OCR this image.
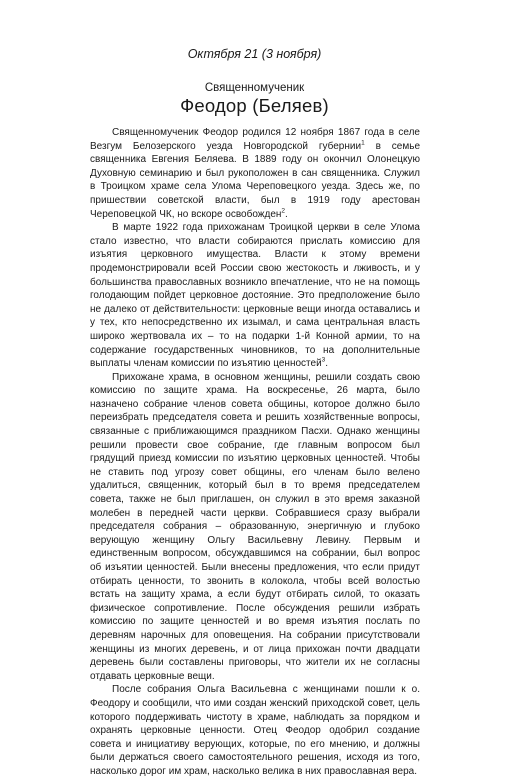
Октября 21 (3 ноября)
Священномученик
Феодор (Беляев)

Священномученик Феодор родился 12 ноября 1867 года в селе Везгум Белозерского уезда Новгородской губернии$^1$ в семье священника Евгения Беляева. В 1889 году он окончил Олонецкую Духовную семинарию и был рукоположен в сан священника. Служил в Троицком храме села Улома Череповецкого уезда. Здесь же, по пришествии советской власти, был в 1919 году арестован Череповецкой ЧК, но вскоре освобожден$^2$.

В марте 1922 года прихожанам Троицкой церкви в селе Улома стало известно, что власти собираются прислать комиссию для изъятия церковного имущества. Власти к этому времени продемонстрировали всей России свою жестокость и лживость, и у большинства православных возникло впечатление, что не на помощь голодающим пойдет церковное достояние. Это предположение было не далеко от действительности: церковные вещи иногда оставались и у тех, кто непосредственно их изымал, и сама центральная власть широко жертвовала их – то на подарки 1-й Конной армии, то на содержание государственных чиновников, то на дополнительные выплаты членам комиссии по изъятию ценностей$^3$.

Прихожане храма, в основном женщины, решили создать свою комиссию по защите храма. На воскресенье, 26 марта, было назначено собрание членов совета общины, которое должно было переизбрать председателя совета и решить хозяйственные вопросы, связанные с приближающимся праздником Пасхи. Однако женщины решили провести свое собрание, где главным вопросом был грядущий приезд комиссии по изъятию церковных ценностей. Чтобы не ставить под угрозу совет общины, его членам было велено удалиться, священник, который был в то время председателем совета, также не был приглашен, он служил в это время заказной молебен в передней части церкви. Собравшиеся сразу выбрали председателя собрания – образованную, энергичную и глубоко верующую женщину Ольгу Васильевну Левину. Первым и единственным вопросом, обсуждавшимся на собрании, был вопрос об изъятии ценностей. Были внесены предложения, что если придут отбирать ценности, то звонить в колокола, чтобы всей волостью встать на защиту храма, а если будут отбирать силой, то оказать физическое сопротивление. После обсуждения решили избрать комиссию по защите ценностей и во время изъятия послать по деревням нарочных для оповещения. На собрании присутствовали женщины из многих деревень, и от лица прихожан почти двадцати деревень были составлены приговоры, что жители их не согласны отдавать церковные вещи.

После собрания Ольга Васильевна с женщинами пошли к о. Феодору и сообщили, что ими создан женский приходской совет, цель которого поддерживать чистоту в храме, наблюдать за порядком и охранять церковные ценности. Отец Феодор одобрил создание совета и инициативу верующих, которые, по его мнению, и должны были держаться своего самостоятельного решения, исходя из того, насколько дорог им храм, насколько велика в них православная вера.
